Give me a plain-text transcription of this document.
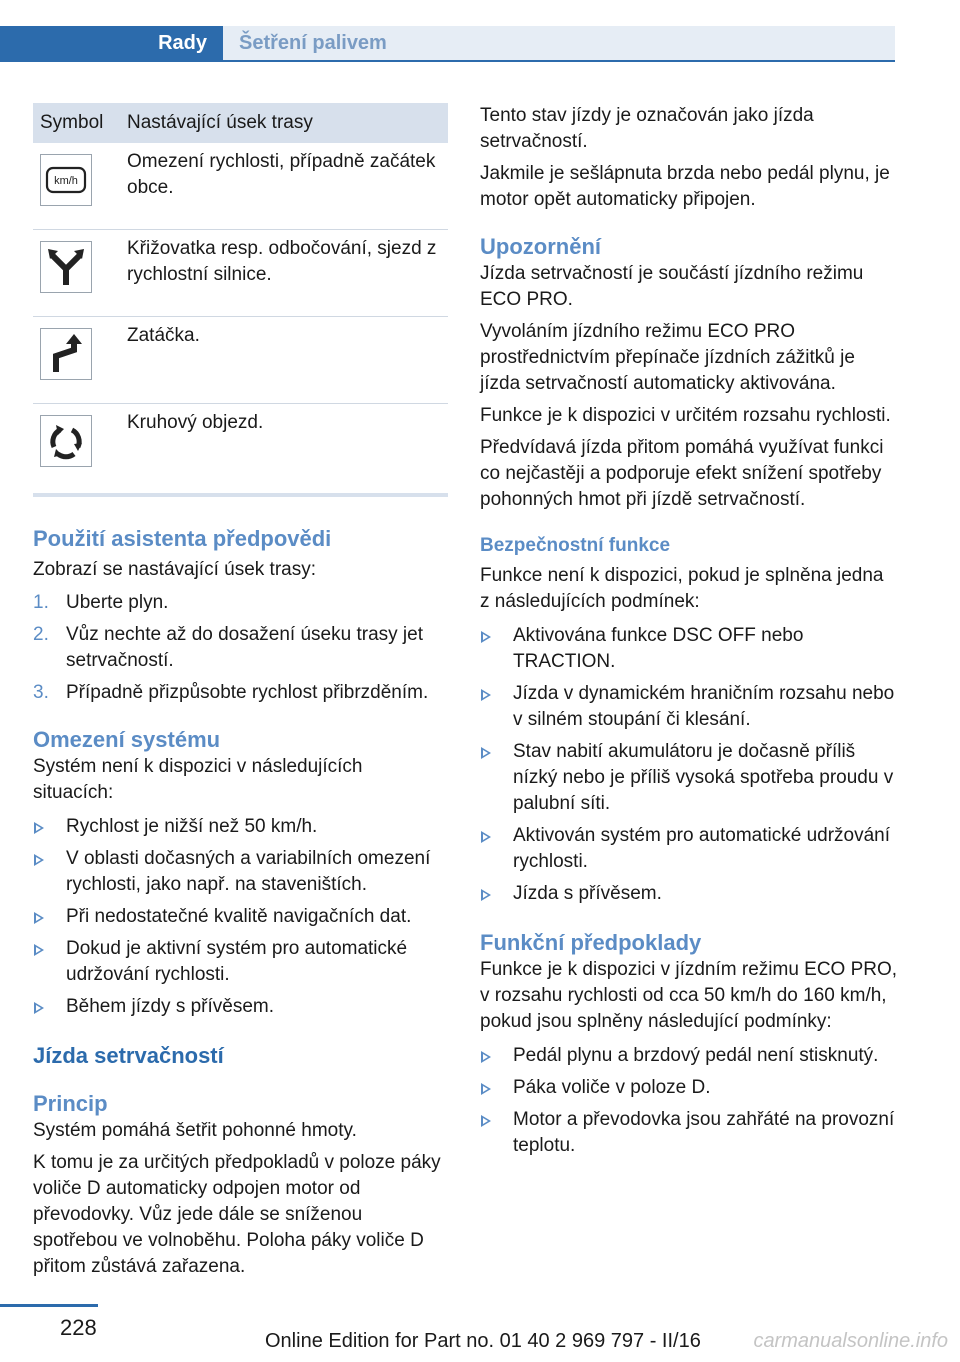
Rady	Šetření palivem
Symbol	Nastávající úsek trasy

km/h	Omezení rychlosti, případně začátek obce.

	Křižovatka resp. odbočování, sjezd z rychlostní silnice.

	Zatáčka.

	Kruhový objezd.
Použití asistenta předpovědi

Zobrazí se nastávající úsek trasy:

1. Uberte plyn.
2. Vůz nechte až do dosažení úseku trasy jet setrvačností.
3. Případně přizpůsobte rychlost přibrzděním.
Omezení systému

Systém není k dispozici v následujících situacích:

Rychlost je nižší než 50 km/h.
V oblasti dočasných a variabilních omezení rychlosti, jako např. na staveništích.
Při nedostatečné kvalitě navigačních dat.
Dokud je aktivní systém pro automatické udržování rychlosti.
Během jízdy s přívěsem.
Jízda setrvačností
Princip

Systém pomáhá šetřit pohonné hmoty.

K tomu je za určitých předpokladů v poloze páky voliče D automaticky odpojen motor od převodovky. Vůz jede dále se sníženou spotřebou ve volnoběhu. Poloha páky voliče D přitom zůstává zařazena.

Tento stav jízdy je označován jako jízda setrvačností.

Jakmile je sešlápnuta brzda nebo pedál plynu, je motor opět automaticky připojen.

Upozornění

Jízda setrvačností je součástí jízdního režimu ECO PRO.

Vyvoláním jízdního režimu ECO PRO prostřednictvím přepínače jízdních zážitků je jízda setrvačností automaticky aktivována.

Funkce je k dispozici v určitém rozsahu rychlosti.

Předvídavá jízda přitom pomáhá využívat funkci co nejčastěji a podporuje efekt snížení spotřeby pohonných hmot při jízdě setrvačností.

Bezpečnostní funkce

Funkce není k dispozici, pokud je splněna jedna z následujících podmínek:

Aktivována funkce DSC OFF nebo TRACTION.
Jízda v dynamickém hraničním rozsahu nebo v silném stoupání či klesání.
Stav nabití akumulátoru je dočasně příliš nízký nebo je příliš vysoká spotřeba proudu v palubní síti.
Aktivován systém pro automatické udržování rychlosti.
Jízda s přívěsem.
Funkční předpoklady

Funkce je k dispozici v jízdním režimu ECO PRO, v rozsahu rychlosti od cca 50 km/h do 160 km/h, pokud jsou splněny následující podmínky:

Pedál plynu a brzdový pedál není stisknutý.
Páka voliče v poloze D.
Motor a převodovka jsou zahřáté na provozní teplotu.
228
Online Edition for Part no. 01 40 2 969 797 - II/16	carmanualsonline.info
